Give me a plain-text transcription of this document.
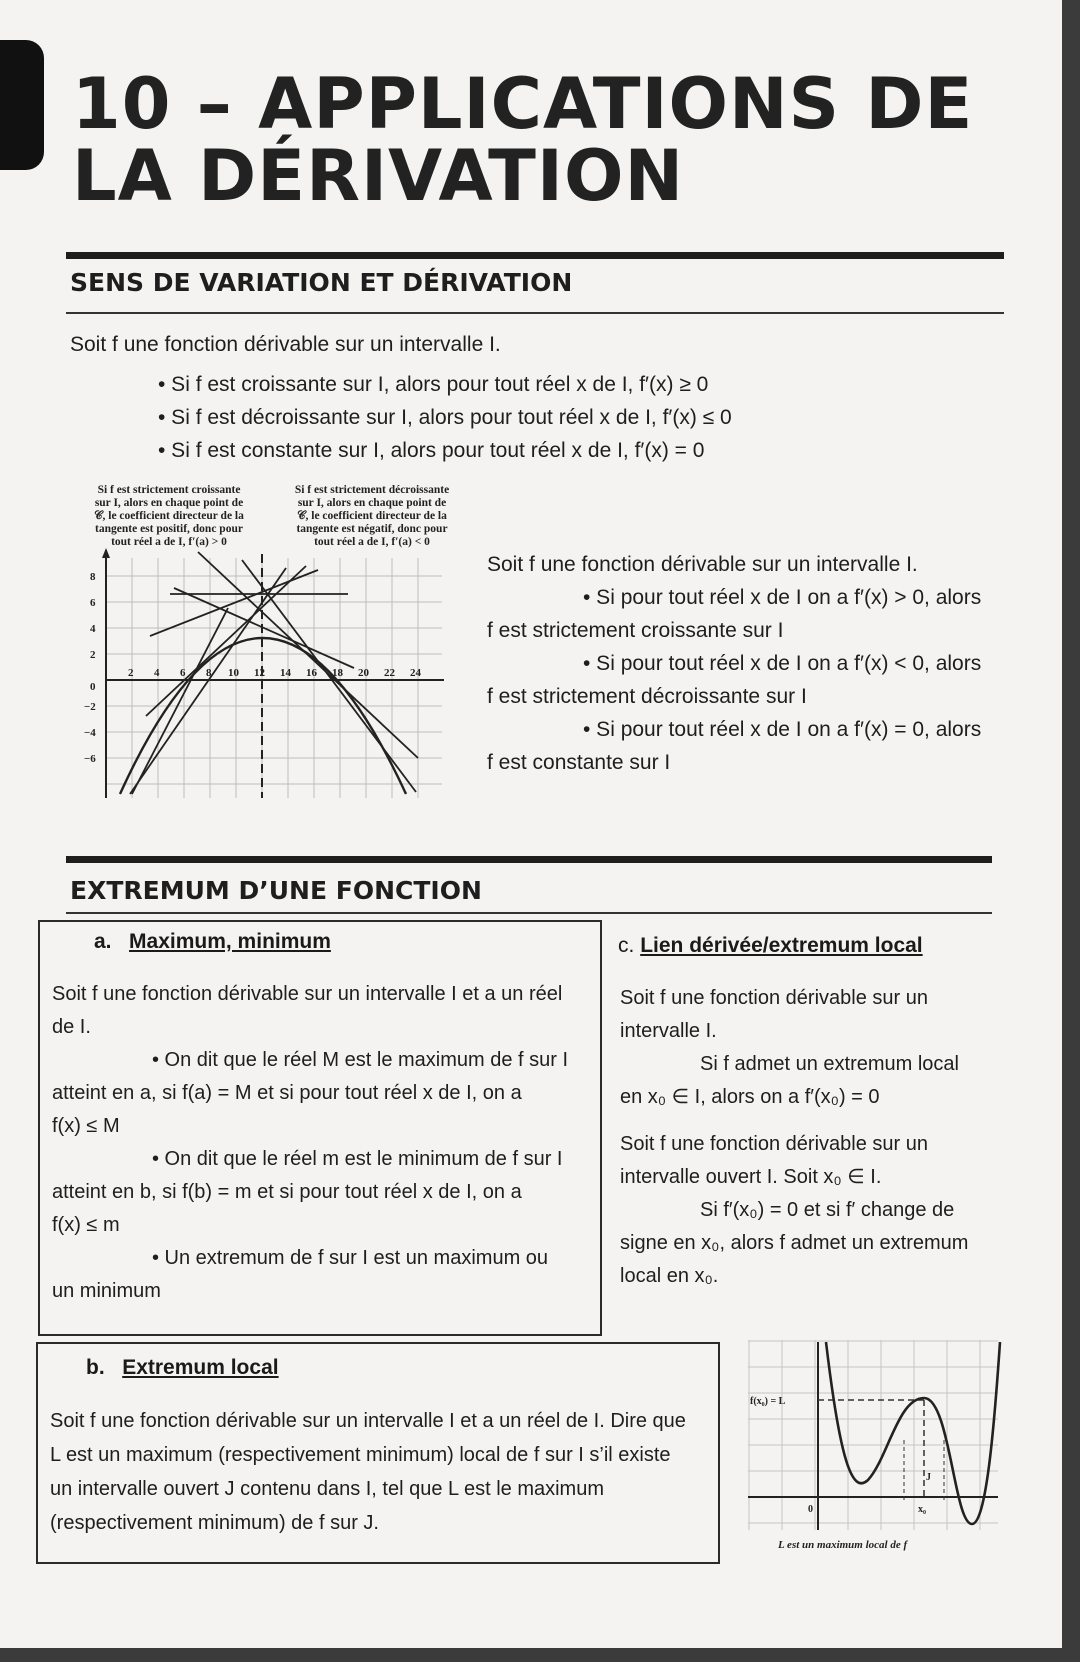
10 – APPLICATIONS DE
LA DÉRIVATION
SENS DE VARIATION ET DÉRIVATION
Soit f une fonction dérivable sur un intervalle I.
• Si f est croissante sur I, alors pour tout réel x de I, f′(x) ≥ 0
• Si f est décroissante sur I, alors pour tout réel x de I, f′(x) ≤ 0
• Si f est constante sur I, alors pour tout réel x de I, f′(x) = 0
Si f est strictement croissante
sur I, alors en chaque point de
𝒞, le coefficient directeur de la
tangente est positif, donc pour
tout réel a de I, f′(a) > 0
Si f est strictement décroissante
sur I, alors en chaque point de
𝒞, le coefficient directeur de la
tangente est négatif, donc pour
tout réel a de I, f′(a) < 0
8
6
4
2
0
−2
−4
−6
2 4 6 8 10 12 14 16 18 20 22 24
Soit f une fonction dérivable sur un intervalle I.
• Si pour tout réel x de I on a f′(x) > 0, alors
f est strictement croissante sur I
• Si pour tout réel x de I on a f′(x) < 0, alors
f est strictement décroissante sur I
• Si pour tout réel x de I on a f′(x) = 0, alors
f est constante sur I
EXTREMUM D’UNE FONCTION
a. Maximum, minimum
Soit f une fonction dérivable sur un intervalle I et a un réel
de I.
• On dit que le réel M est le maximum de f sur I
atteint en a, si f(a) = M et si pour tout réel x de I, on a
f(x) ≤ M
• On dit que le réel m est le minimum de f sur I
atteint en b, si f(b) = m et si pour tout réel x de I, on a
f(x) ≤ m
• Un extremum de f sur I est un maximum ou
un minimum
c. Lien dérivée/extremum local
Soit f une fonction dérivable sur un
intervalle I.
Si f admet un extremum local
en x₀ ∈ I, alors on a f′(x₀) = 0
Soit f une fonction dérivable sur un
intervalle ouvert I. Soit x₀ ∈ I.
Si f′(x₀) = 0 et si f′ change de
signe en x₀, alors f admet un extremum
local en x₀.
b. Extremum local
Soit f une fonction dérivable sur un intervalle I et a un réel de I. Dire que
L est un maximum (respectivement minimum) local de f sur I s’il existe
un intervalle ouvert J contenu dans I, tel que L est le maximum
(respectivement minimum) de f sur J.
f(x₀) = L
0	x₀
J
L est un maximum local de f
